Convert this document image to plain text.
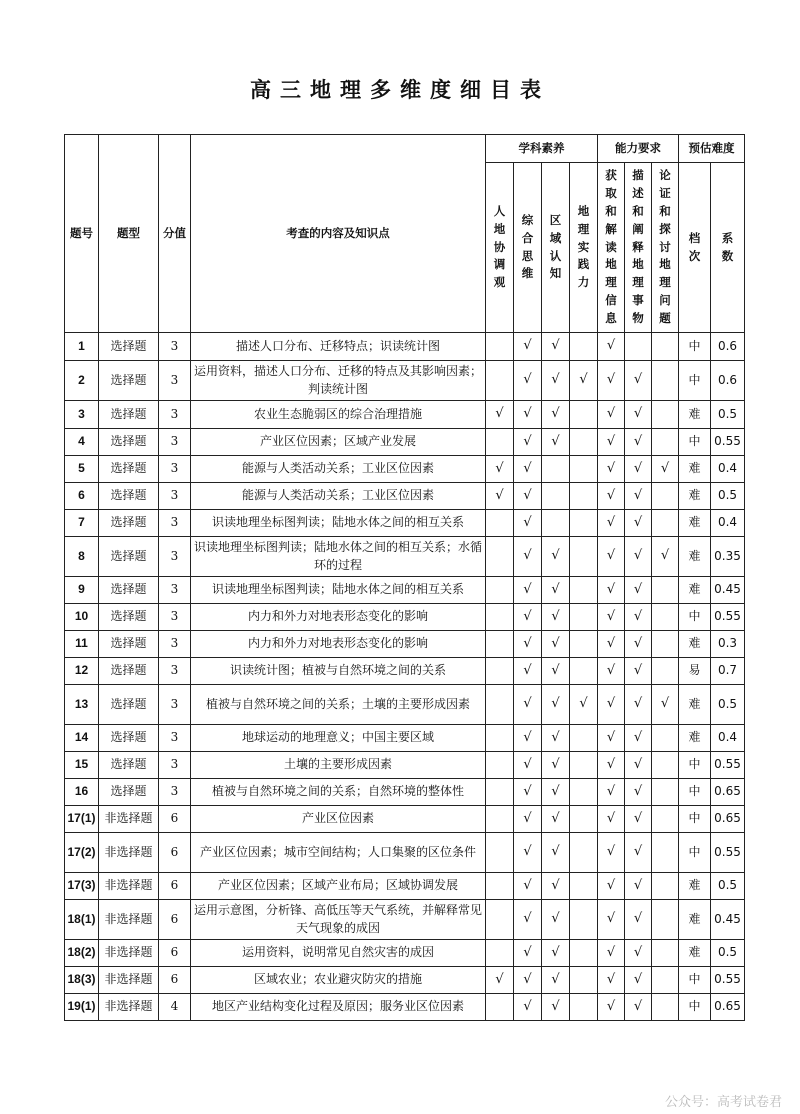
高三地理多维度细目表
题号	题型	分值	考查的内容及知识点	学科素养				能力要求			预估难度	
				人地协调观	综合思维	区域认知	地理实践力	获取和解读地理信息	描述和阐释地理事物	论证和探讨地理问题	档次	系数
1	选择题	3	描述人口分布、迁移特点；识读统计图		√	√		√			中	0.6
2	选择题	3	运用资料，描述人口分布、迁移的特点及其影响因素；判读统计图		√	√	√	√	√		中	0.6
3	选择题	3	农业生态脆弱区的综合治理措施	√	√	√		√	√		难	0.5
4	选择题	3	产业区位因素；区域产业发展		√	√		√	√		中	0.55
5	选择题	3	能源与人类活动关系；工业区位因素	√	√			√	√	√	难	0.4
6	选择题	3	能源与人类活动关系；工业区位因素	√	√			√	√		难	0.5
7	选择题	3	识读地理坐标图判读；陆地水体之间的相互关系		√			√	√		难	0.4
8	选择题	3	识读地理坐标图判读；陆地水体之间的相互关系；水循环的过程		√	√		√	√	√	难	0.35
9	选择题	3	识读地理坐标图判读；陆地水体之间的相互关系		√	√		√	√		难	0.45
10	选择题	3	内力和外力对地表形态变化的影响		√	√		√	√		中	0.55
11	选择题	3	内力和外力对地表形态变化的影响		√	√		√	√		难	0.3
12	选择题	3	识读统计图；植被与自然环境之间的关系		√	√		√	√		易	0.7
13	选择题	3	植被与自然环境之间的关系；土壤的主要形成因素		√	√	√	√	√	√	难	0.5
14	选择题	3	地球运动的地理意义；中国主要区域		√	√		√	√		难	0.4
15	选择题	3	土壤的主要形成因素		√	√		√	√		中	0.55
16	选择题	3	植被与自然环境之间的关系；自然环境的整体性		√	√		√	√		中	0.65
17(1)	非选择题	6	产业区位因素		√	√		√	√		中	0.65
17(2)	非选择题	6	产业区位因素；城市空间结构；人口集聚的区位条件		√	√		√	√		中	0.55
17(3)	非选择题	6	产业区位因素；区域产业布局；区域协调发展		√	√		√	√		难	0.5
18(1)	非选择题	6	运用示意图，分析锋、高低压等天气系统，并解释常见天气现象的成因		√	√		√	√		难	0.45
18(2)	非选择题	6	运用资料，说明常见自然灾害的成因		√	√		√	√		难	0.5
18(3)	非选择题	6	区域农业；农业避灾防灾的措施	√	√	√		√	√		中	0.55
19(1)	非选择题	4	地区产业结构变化过程及原因；服务业区位因素		√	√		√	√		中	0.65
公众号：高考试卷君
